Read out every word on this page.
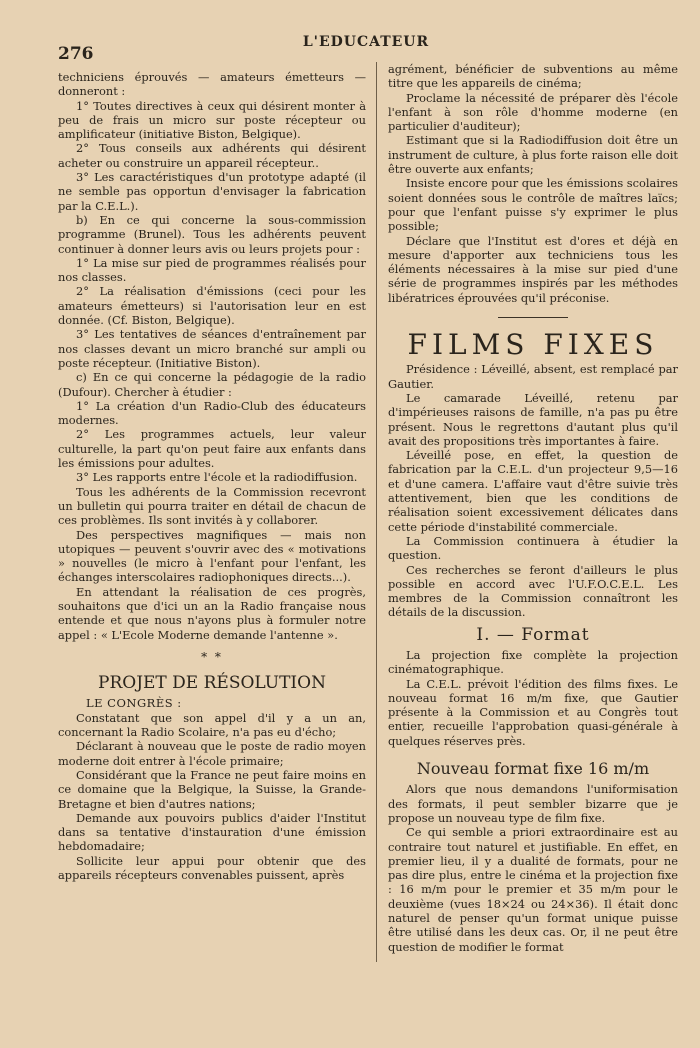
276
L'EDUCATEUR

techniciens éprouvés — amateurs émetteurs — donneront :

1° Toutes directives à ceux qui désirent monter à peu de frais un micro sur poste récepteur ou amplificateur (initiative Biston, Belgique).

2° Tous conseils aux adhérents qui désirent acheter ou construire un appareil récepteur..

3° Les caractéristiques d'un prototype adapté (il ne semble pas opportun d'envisager la fabrication par la C.E.L.).

b) En ce qui concerne la sous-commission programme (Brunel). Tous les adhérents peuvent continuer à donner leurs avis ou leurs projets pour :

1° La mise sur pied de programmes réalisés pour nos classes.

2° La réalisation d'émissions (ceci pour les amateurs émetteurs) si l'autorisation leur en est donnée. (Cf. Biston, Belgique).

3° Les tentatives de séances d'entraînement par nos classes devant un micro branché sur ampli ou poste récepteur. (Initiative Biston).

c) En ce qui concerne la pédagogie de la radio (Dufour). Chercher à étudier :

1° La création d'un Radio-Club des éducateurs modernes.

2° Les programmes actuels, leur valeur culturelle, la part qu'on peut faire aux enfants dans les émissions pour adultes.

3° Les rapports entre l'école et la radiodiffusion.

Tous les adhérents de la Commission recevront un bulletin qui pourra traiter en détail de chacun de ces problèmes. Ils sont invités à y collaborer.

Des perspectives magnifiques — mais non utopiques — peuvent s'ouvrir avec des « motivations » nouvelles (le micro à l'enfant pour l'enfant, les échanges interscolaires radiophoniques directs...).

En attendant la réalisation de ces progrès, souhaitons que d'ici un an la Radio française nous entende et que nous n'ayons plus à formuler notre appel : « L'Ecole Moderne demande l'antenne ».

* *
PROJET DE RÉSOLUTION

LE CONGRÈS :

Constatant que son appel d'il y a un an, concernant la Radio Scolaire, n'a pas eu d'écho;

Déclarant à nouveau que le poste de radio moyen moderne doit entrer à l'école primaire;

Considérant que la France ne peut faire moins en ce domaine que la Belgique, la Suisse, la Grande-Bretagne et bien d'autres nations;

Demande aux pouvoirs publics d'aider l'Institut dans sa tentative d'instauration d'une émission hebdomadaire;

Sollicite leur appui pour obtenir que des appareils récepteurs convenables puissent, après

agrément, bénéficier de subventions au même titre que les appareils de cinéma;

Proclame la nécessité de préparer dès l'école l'enfant à son rôle d'homme moderne (en particulier d'auditeur);

Estimant que si la Radiodiffusion doit être un instrument de culture, à plus forte raison elle doit être ouverte aux enfants;

Insiste encore pour que les émissions scolaires soient données sous le contrôle de maîtres laïcs; pour que l'enfant puisse s'y exprimer le plus possible;

Déclare que l'Institut est d'ores et déjà en mesure d'apporter aux techniciens tous les éléments nécessaires à la mise sur pied d'une série de programmes inspirés par les méthodes libératrices éprouvées qu'il préconise.

FILMS FIXES

Présidence : Léveillé, absent, est remplacé par Gautier.

Le camarade Léveillé, retenu par d'impérieuses raisons de famille, n'a pas pu être présent. Nous le regrettons d'autant plus qu'il avait des propositions très importantes à faire.

Léveillé pose, en effet, la question de fabrication par la C.E.L. d'un projecteur 9,5—16 et d'une camera. L'affaire vaut d'être suivie très attentivement, bien que les conditions de réalisation soient excessivement délicates dans cette période d'instabilité commerciale.

La Commission continuera à étudier la question.

Ces recherches se feront d'ailleurs le plus possible en accord avec l'U.F.O.C.E.L. Les membres de la Commission connaîtront les détails de la discussion.

I. — Format

La projection fixe complète la projection cinématographique.

La C.E.L. prévoit l'édition des films fixes. Le nouveau format 16 m/m fixe, que Gautier présente à la Commission et au Congrès tout entier, recueille l'approbation quasi-générale à quelques réserves près.

Nouveau format fixe 16 m/m

Alors que nous demandons l'uniformisation des formats, il peut sembler bizarre que je propose un nouveau type de film fixe.

Ce qui semble a priori extraordinaire est au contraire tout naturel et justifiable. En effet, en premier lieu, il y a dualité de formats, pour ne pas dire plus, entre le cinéma et la projection fixe : 16 m/m pour le premier et 35 m/m pour le deuxième (vues 18×24 ou 24×36). Il était donc naturel de penser qu'un format unique puisse être utilisé dans les deux cas. Or, il ne peut être question de modifier le format
